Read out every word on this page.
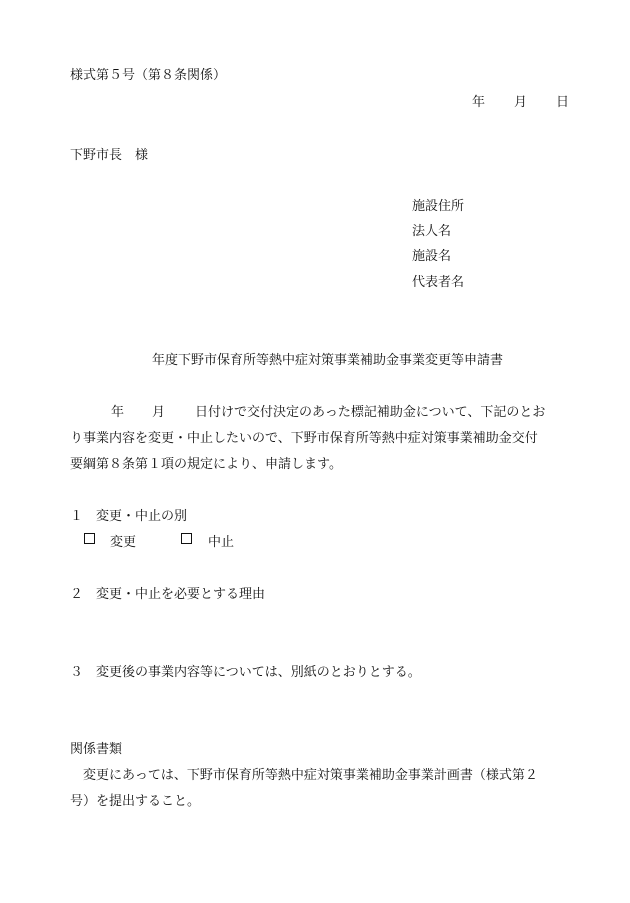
様式第５号（第８条関係）
年 月 日
下野市長　様
施設住所
法人名
施設名
代表者名
年度下野市保育所等熱中症対策事業補助金事業変更等申請書
年 月 日付けで交付決定のあった標記補助金について、下記のとお
り事業内容を変更・中止したいので、下野市保育所等熱中症対策事業補助金交付
要綱第８条第１項の規定により、申請します。
１　変更・中止の別
変更	中止
２　変更・中止を必要とする理由
３　変更後の事業内容等については、別紙のとおりとする。
関係書類
　変更にあっては、下野市保育所等熱中症対策事業補助金事業計画書（様式第２
号）を提出すること。
